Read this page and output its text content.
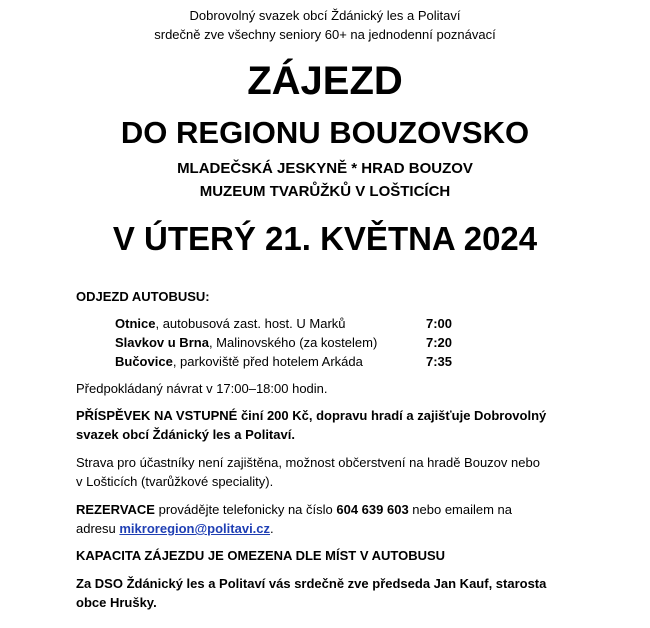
Dobrovolný svazek obcí Ždánický les a Politaví
srdečně zve všechny seniory 60+ na jednodenní poznávací
ZÁJEZD
DO REGIONU BOUZOVSKO
MLADEČSKÁ JESKYNĚ * HRAD BOUZOV
MUZEUM TVARŮŽKŮ V LOŠTICÍCH
V ÚTERÝ 21. KVĚTNA 2024
ODJEZD AUTOBUSU:
Otnice, autobusová zast. host. U Marků	7:00
Slavkov u Brna, Malinovského (za kostelem)	7:20
Bučovice, parkoviště před hotelem Arkáda	7:35
Předpokládaný návrat v 17:00–18:00 hodin.
PŘÍSPĚVEK NA VSTUPNÉ činí 200 Kč, dopravu hradí a zajišťuje Dobrovolný
svazek obcí Ždánický les a Politaví.
Strava pro účastníky není zajištěna, možnost občerstvení na hradě Bouzov nebo
v Lošticích (tvarůžkové speciality).
REZERVACE provádějte telefonicky na číslo 604 639 603 nebo emailem na
adresu mikroregion@politavi.cz.
KAPACITA ZÁJEZDU JE OMEZENA DLE MÍST V AUTOBUSU
Za DSO Ždánický les a Politaví vás srdečně zve předseda Jan Kauf, starosta
obce Hrušky.
